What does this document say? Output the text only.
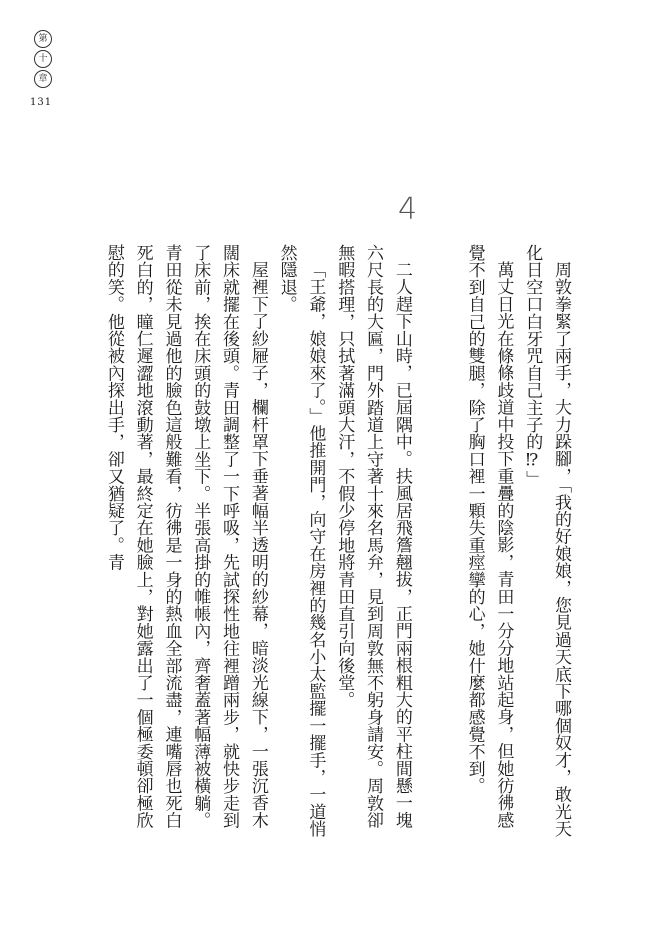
第
十
章
131
4

周敦拳緊了兩手，大力跺腳，「我的好娘娘，您見過天底下哪個奴才，敢光天化日空口白牙咒自己主子的⁉」

萬丈日光在條條歧道中投下重疊的陰影，青田一分分地站起身，但她彷彿感覺不到自己的雙腿，除了胸口裡一顆失重痙攣的心，她什麼都感覺不到。

二人趕下山時，已屆隅中。扶風居飛簷翹拔，正門兩根粗大的平柱間懸一塊六尺長的大匾，門外踏道上守著十來名馬弁，見到周敦無不躬身請安。周敦卻無暇搭理，只拭著滿頭大汗，不假少停地將青田直引向後堂。

「王爺，娘娘來了。」他推開門，向守在房裡的幾名小太監擺一擺手，一道悄然隱退。

屋裡下了紗屜子，欄杆罩下垂著幅半透明的紗幕，暗淡光線下，一張沉香木闊床就擺在後頭。青田調整了一下呼吸，先試探性地往裡蹭兩步，就快步走到了床前，挨在床頭的鼓墩上坐下。半張高掛的帷帳內，齊奢蓋著幅薄被橫躺。青田從未見過他的臉色這般難看，彷彿是一身的熱血全部流盡，連嘴唇也死白死白的，瞳仁遲澀地滾動著，最終定在她臉上，對她露出了一個極委頓卻極欣慰的笑。他從被內探出手，卻又猶疑了。青
